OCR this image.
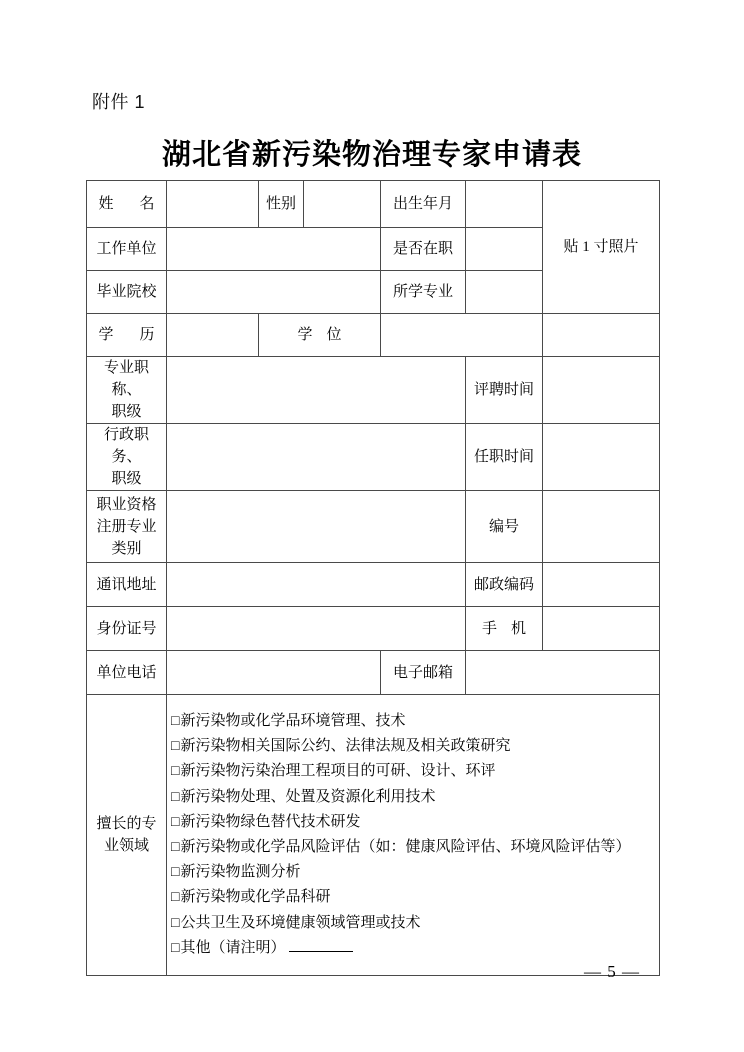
附件 1
湖北省新污染物治理专家申请表
姓 名		性别		出生年月		贴 1 寸照片
工作单位				是否在职		
毕业院校				所学专业		
学 历		学 位				
专业职称、
职级					评聘时间	
行政职务、
职级					任职时间	
职业资格
注册专业
类别					编号	
通讯地址					邮政编码	
身份证号					手 机	
单位电话				电子邮箱		
擅长的专
业领域	
□新污染物或化学品环境管理、技术
□新污染物相关国际公约、法律法规及相关政策研究
□新污染物污染治理工程项目的可研、设计、环评
□新污染物处理、处置及资源化利用技术
□新污染物绿色替代技术研发
□新污染物或化学品风险评估（如：健康风险评估、环境风险评估等）
□新污染物监测分析
□新污染物或化学品科研
□公共卫生及环境健康领域管理或技术
□其他（请注明）
— 5 —
